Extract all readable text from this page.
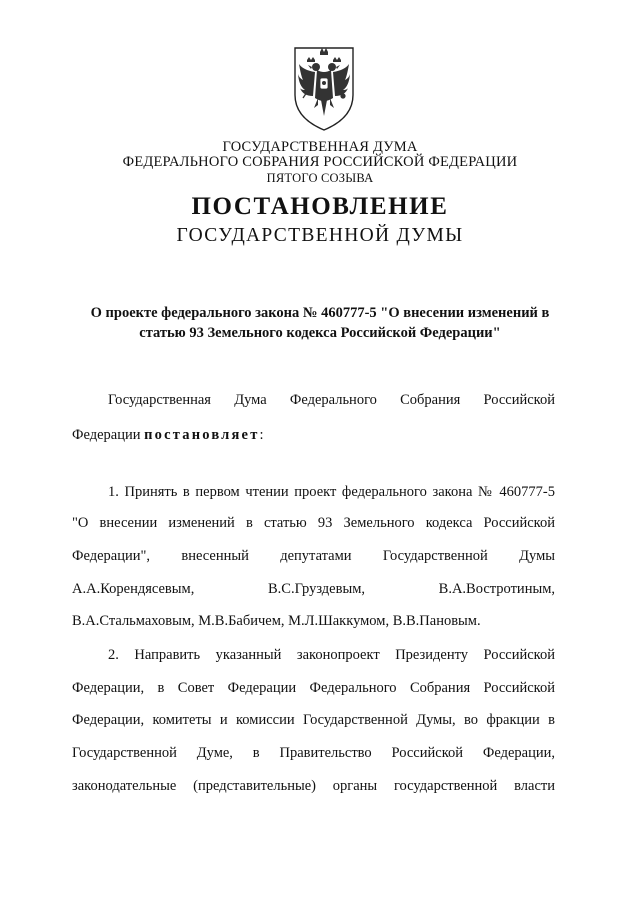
ГОСУДАРСТВЕННАЯ ДУМА
ФЕДЕРАЛЬНОГО СОБРАНИЯ РОССИЙСКОЙ ФЕДЕРАЦИИ
ПЯТОГО СОЗЫВА
ПОСТАНОВЛЕНИЕ
ГОСУДАРСТВЕННОЙ ДУМЫ
О проекте федерального закона № 460777-5 "О внесении изменений в
статью 93 Земельного кодекса Российской Федерации"
Государственная Дума Федерального Собрания Российской
Федерации постановляет:
1. Принять в первом чтении проект федерального закона № 460777-5
"О внесении изменений в статью 93 Земельного кодекса Российской
Федерации", внесенный депутатами Государственной Думы
А.А.Корендясевым, В.С.Груздевым, В.А.Востротиным,
В.А.Стальмаховым, М.В.Бабичем, М.Л.Шаккумом, В.В.Пановым.
2. Направить указанный законопроект Президенту Российской
Федерации, в Совет Федерации Федерального Собрания Российской
Федерации, комитеты и комиссии Государственной Думы, во фракции в
Государственной Думе, в Правительство Российской Федерации,
законодательные (представительные) органы государственной власти
